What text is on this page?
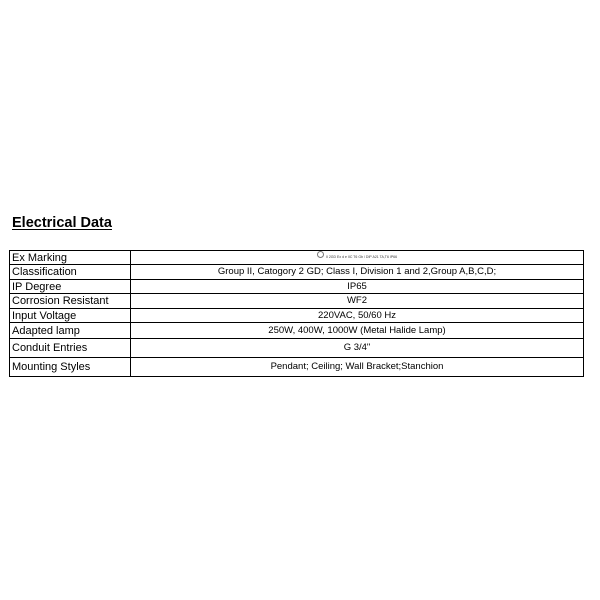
Electrical Data
Ex Marking	II 2GD Ex d e IIC T6 Gb / DIP A21 TA,T6 IP66

Classification	Group II, Catogory 2 GD; Class I, Division 1 and 2,Group A,B,C,D;
IP Degree	IP65
Corrosion Resistant	WF2
Input Voltage	220VAC, 50/60 Hz
Adapted lamp	250W, 400W, 1000W (Metal Halide Lamp)
Conduit Entries	G 3/4"
Mounting Styles	Pendant; Ceiling; Wall Bracket;Stanchion
